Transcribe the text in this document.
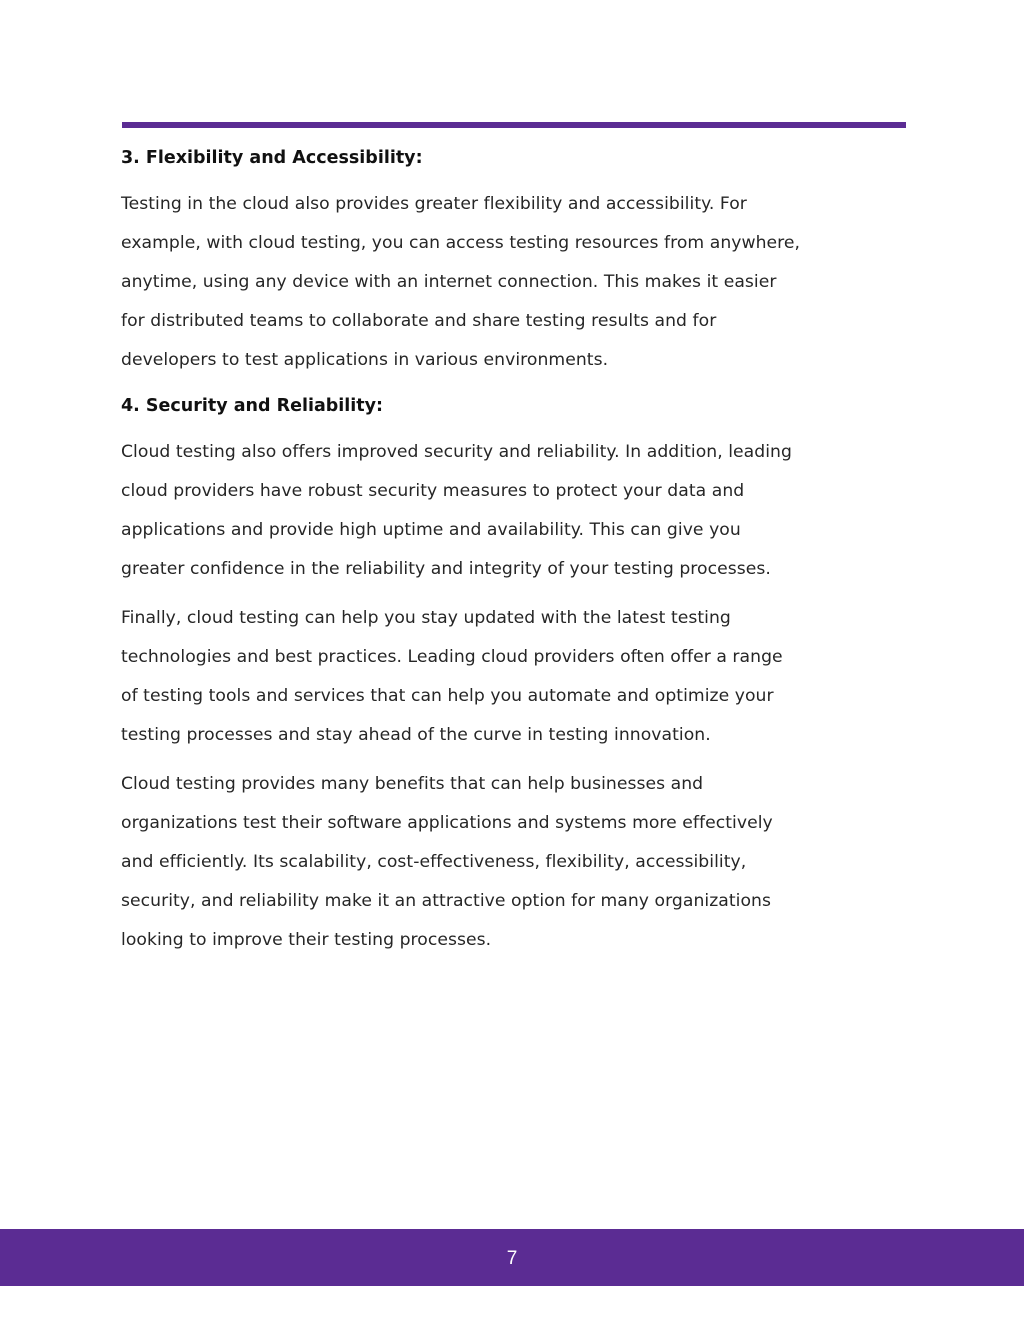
3. Flexibility and Accessibility:

Testing in the cloud also provides greater flexibility and accessibility. For
example, with cloud testing, you can access testing resources from anywhere,
anytime, using any device with an internet connection. This makes it easier
for distributed teams to collaborate and share testing results and for
developers to test applications in various environments.

4. Security and Reliability:

Cloud testing also offers improved security and reliability. In addition, leading
cloud providers have robust security measures to protect your data and
applications and provide high uptime and availability. This can give you
greater confidence in the reliability and integrity of your testing processes.

Finally, cloud testing can help you stay updated with the latest testing
technologies and best practices. Leading cloud providers often offer a range
of testing tools and services that can help you automate and optimize your
testing processes and stay ahead of the curve in testing innovation.

Cloud testing provides many benefits that can help businesses and
organizations test their software applications and systems more effectively
and efficiently. Its scalability, cost-effectiveness, flexibility, accessibility,
security, and reliability make it an attractive option for many organizations
looking to improve their testing processes.

7
